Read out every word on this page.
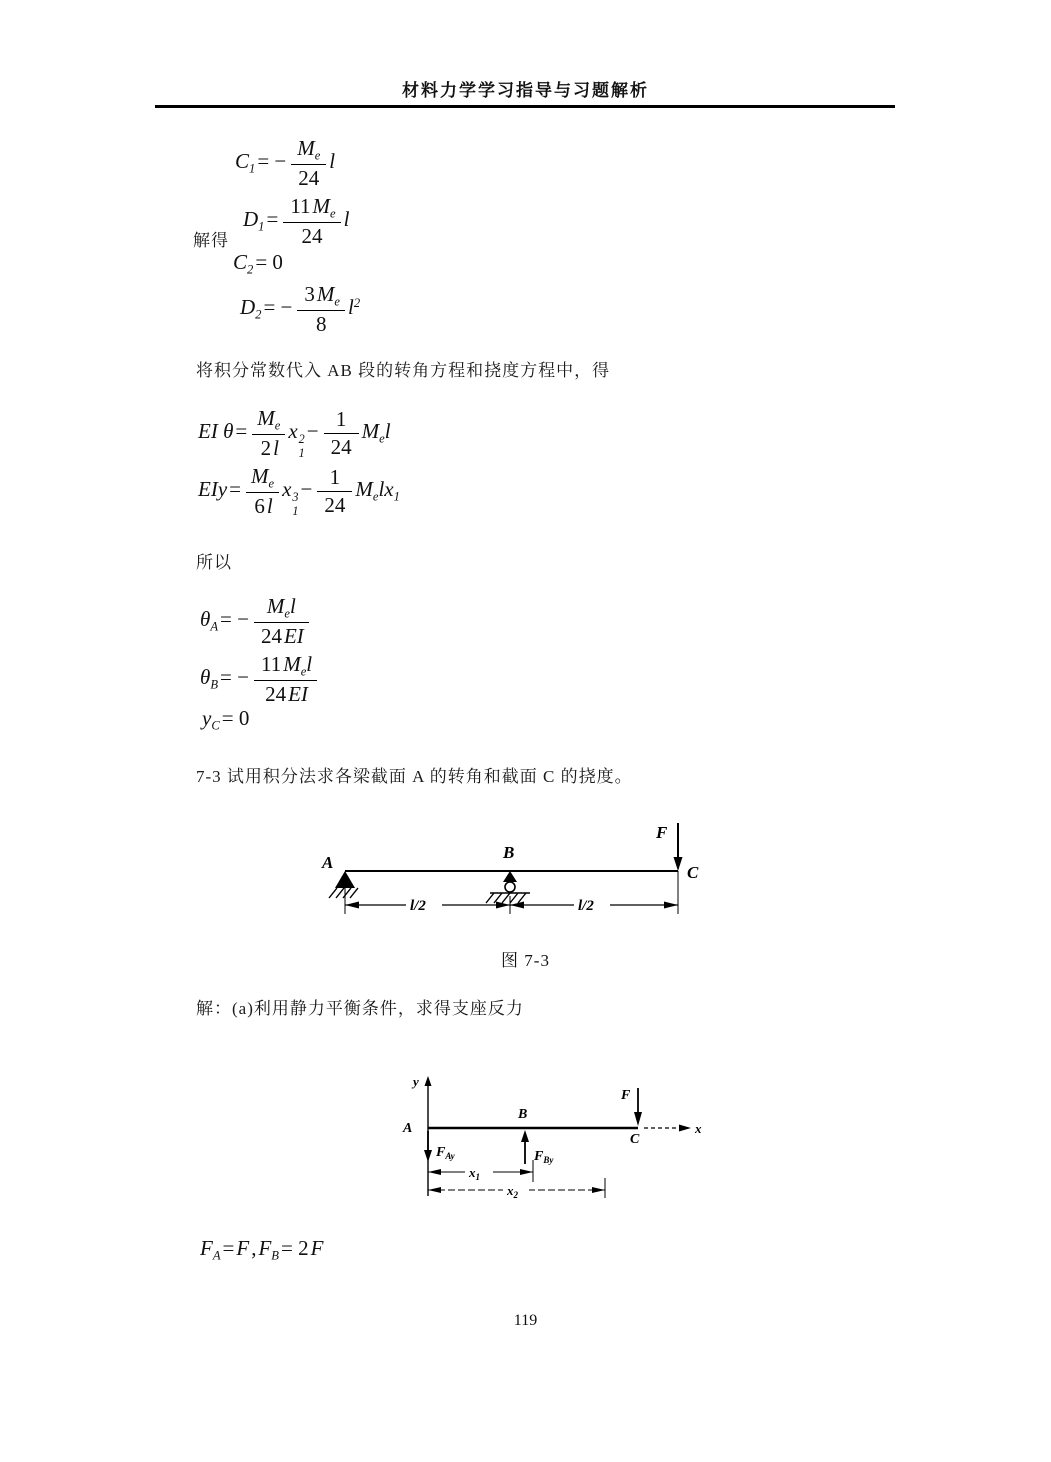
材料力学学习指导与习题解析
$C_1= - \frac{M_e}{24}$ l
$D_1= \frac{11M_e}{24}$ l
解得
$C_2= 0$
$D_2= - \frac{3M_e}{8} l^2$
将积分常数代入 AB 段的转角方程和挠度方程中，得
EI $\theta= \frac{M_e}{2l}$ x 2
1
− $\frac{1}{24} M_el$
$EIy= \frac{M_e}{6l}$ x 3
1
− $\frac{1}{24} M_elx_1$
所以
$\theta_A= - \frac{M_el}{24EI}$
$\theta_B= - \frac{11M_el}{24EI}$
$y_C= 0$
7-3 试用积分法求各梁截面 A 的转角和截面 C 的挠度。
A
B
C
F
l/2	l/2
图 7-3
解：(a)利用静力平衡条件，求得支座反力
y
x
A
B
C
F
$F_{Ay}$	$F_{By}$
$x_1$
$x_2$
$F_A=F,F_B= 2F$
119
